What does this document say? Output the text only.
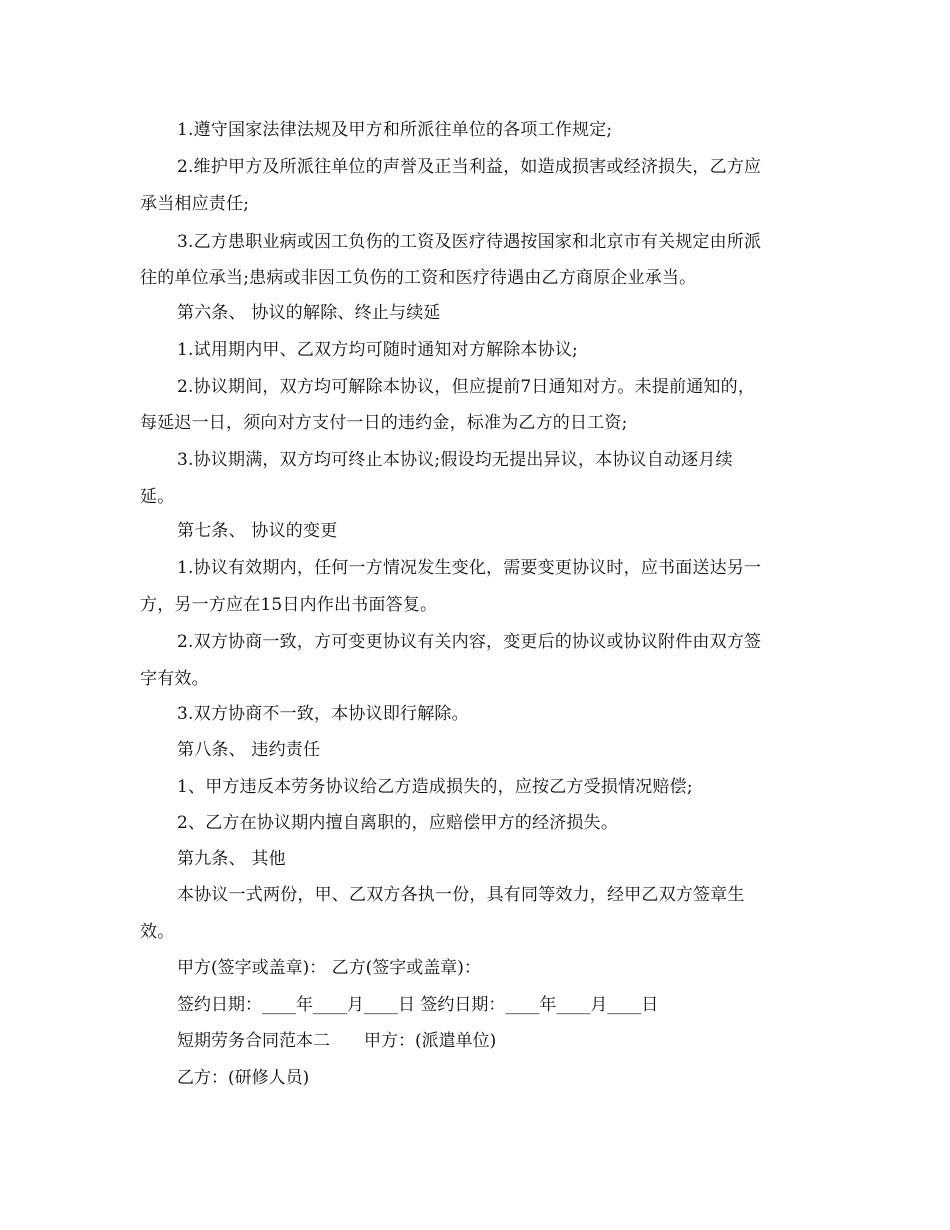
1.遵守国家法律法规及甲方和所派往单位的各项工作规定;
2.维护甲方及所派往单位的声誉及正当利益，如造成损害或经济损失，乙方应
承当相应责任;
3.乙方患职业病或因工负伤的工资及医疗待遇按国家和北京市有关规定由所派
往的单位承当;患病或非因工负伤的工资和医疗待遇由乙方商原企业承当。
第六条、 协议的解除、终止与续延
1.试用期内甲、乙双方均可随时通知对方解除本协议;
2.协议期间，双方均可解除本协议，但应提前7日通知对方。未提前通知的，
每延迟一日，须向对方支付一日的违约金，标准为乙方的日工资;
3.协议期满，双方均可终止本协议;假设均无提出异议，本协议自动逐月续
延。
第七条、 协议的变更
1.协议有效期内，任何一方情况发生变化，需要变更协议时，应书面送达另一
方，另一方应在15日内作出书面答复。
2.双方协商一致，方可变更协议有关内容，变更后的协议或协议附件由双方签
字有效。
3.双方协商不一致，本协议即行解除。
第八条、 违约责任
1、甲方违反本劳务协议给乙方造成损失的，应按乙方受损情况赔偿;
2、乙方在协议期内擅自离职的，应赔偿甲方的经济损失。
第九条、 其他
本协议一式两份，甲、乙双方各执一份，具有同等效力，经甲乙双方签章生
效。
甲方(签字或盖章)： 乙方(签字或盖章)：
签约日期：____年____月____日 签约日期：____年____月____日
短期劳务合同范本二　　甲方：(派遣单位)
乙方：(研修人员)
